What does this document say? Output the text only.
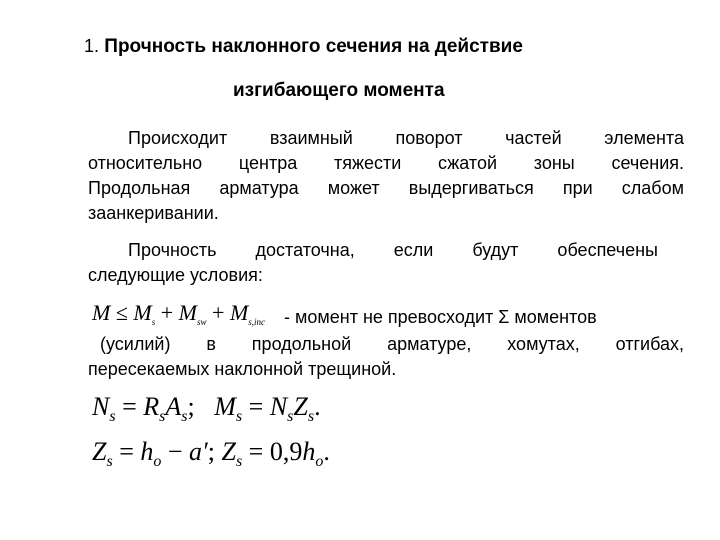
1. Прочность наклонного сечения на действие
изгибающего момента
Происходит взаимный поворот частей элемента
относительно центра тяжести сжатой зоны сечения.
Продольная арматура может выдергиваться при слабом
заанкеривании.
Прочность достаточна, если будут обеспечены
следующие условия:
$M \le M_s + M_{sw} + M_{s,inc}$ - момент не превосходит Σ моментов
(усилий) в продольной арматуре, хомутах, отгибах,
пересекаемых наклонной трещиной.
$N_s = R_sA_s$;   $M_s = N_sZ_s$.
$Z_s = h_o - a'$; $Z_s = 0,9h_o$.
